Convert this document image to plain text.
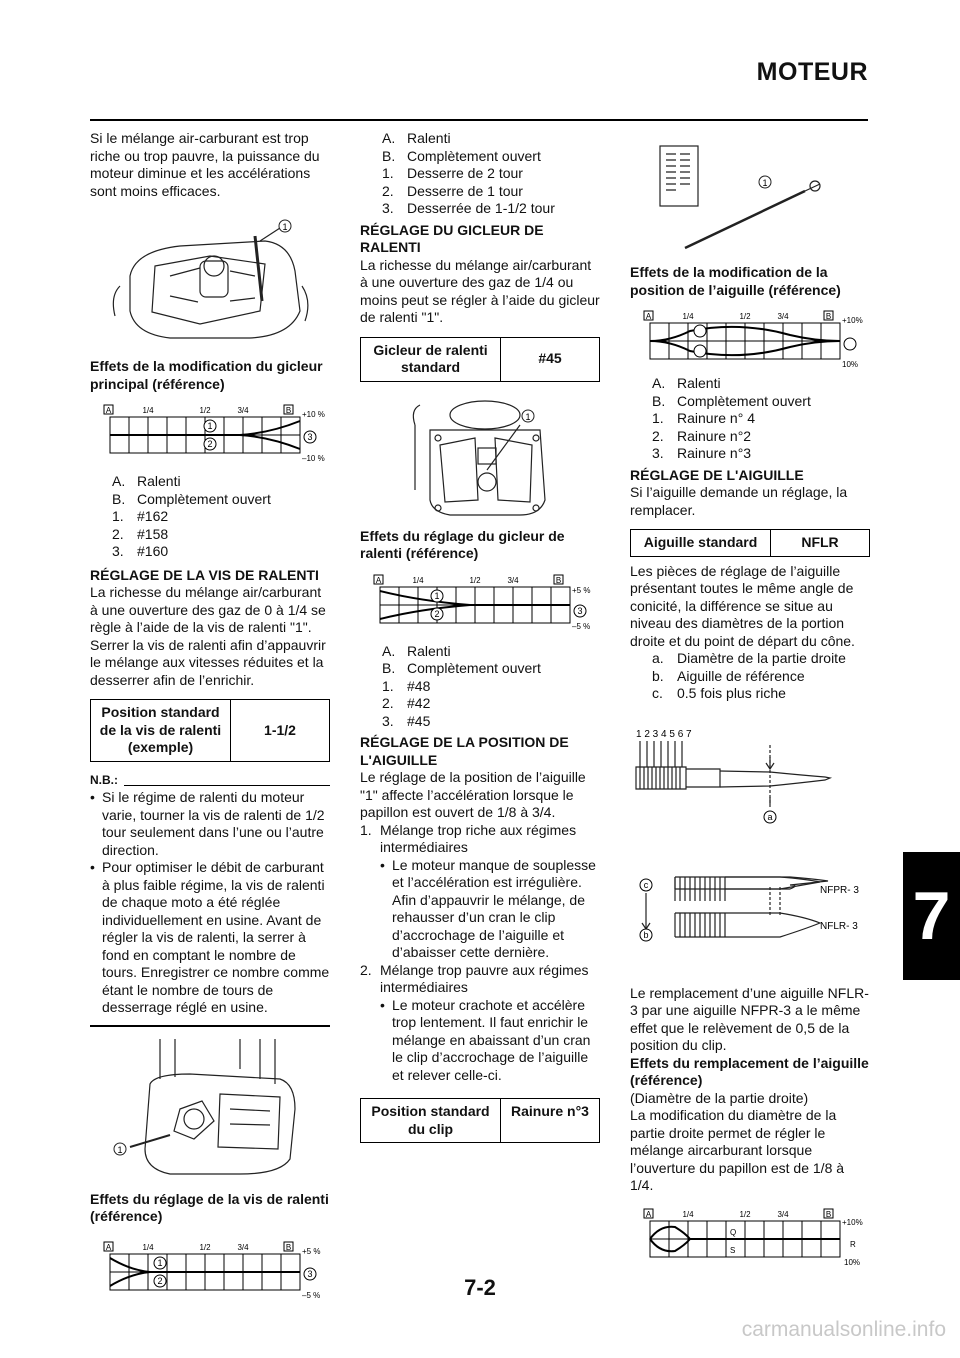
MOTEUR

Si le mélange air-carburant est trop riche ou trop pauvre, la puissance du moteur diminue et les accélérations sont moins efficaces.

1

Effets de la modification du gicleur principal (référence)

A	B
1/4	1/2	3/4	+10 %
–10 %
1
2
3
A. Ralenti
B. Complètement ouvert
1. #162
2. #158
3. #160

RÉGLAGE DE LA VIS DE RALENTI

La richesse du mélange air/carburant à une ouverture des gaz de 0 à 1/4 se règle à l’aide de la vis de ralenti "1".

Serrer la vis de ralenti afin d’appauvrir le mélange aux vitesses réduites et la desserrer afin de l’enrichir.

Position standard de la vis de ralenti (exemple)	1-1/2
N.B.:
• Si le régime de ralenti du moteur varie, tourner la vis de ralenti de 1/2 tour seulement dans l’une ou l’autre direction.
• Pour optimiser le débit de carburant à plus faible régime, la vis de ralenti de chaque moto a été réglée individuellement en usine. Avant de régler la vis de ralenti, la serrer à fond en comptant le nombre de tours. Enregistrer ce nombre comme étant le nombre de tours de desserrage réglé en usine.
1

Effets du réglage de la vis de ralenti (référence)

A	B
1/4	1/2	3/4	+5 %
–5 %
1
2
3
A. Ralenti
B. Complètement ouvert
1. Desserre de 2 tour
2. Desserre de 1 tour
3. Desserrée de 1-1/2 tour

RÉGLAGE DU GICLEUR DE RALENTI

La richesse du mélange air/carburant à une ouverture des gaz de 1/4 ou moins peut se régler à l’aide du gicleur de ralenti "1".

Gicleur de ralenti standard	#45
1

Effets du réglage du gicleur de ralenti (référence)

A	B
1/4	1/2	3/4
+5 %
–5 %
1
2	3
A. Ralenti
B. Complètement ouvert
1. #48
2. #42
3. #45

RÉGLAGE DE LA POSITION DE L'AIGUILLE

Le réglage de la position de l’aiguille "1" affecte l’accélération lorsque le papillon est ouvert de 1/8 à 3/4.

1. Mélange trop riche aux régimes intermédiaires
• Le moteur manque de souplesse et l’accélération est irrégulière. Afin d’appauvrir le mélange, de rehausser d’un cran le clip d’accrochage de l’aiguille et d’abaisser cette dernière.
2. Mélange trop pauvre aux régimes intermédiaires
• Le moteur crachote et accélère trop lentement. Il faut enrichir le mélange en abaissant d’un cran le clip d’accrochage de l’aiguille et relever celle-ci.
Position standard du clip	Rainure n°3
1

Effets de la modification de la position de l’aiguille (référence)

A	B
1/4	1/2	3/4	+10%
10%
A. Ralenti
B. Complètement ouvert
1. Rainure n° 4
2. Rainure n°2
3. Rainure n°3

RÉGLAGE DE L'AIGUILLE

Si l’aiguille demande un réglage, la remplacer.

Aiguille standard	NFLR

Les pièces de réglage de l’aiguille présentant toutes le même angle de conicité, la différence se situe au niveau des diamètres de la portion droite et du point de départ du cône.

a. Diamètre de la partie droite
b. Aiguille de référence
c.	0.5 fois plus riche
1 2 3 4 5 6 7
a
c
b
NFPR- 3
NFLR- 3

Le remplacement d’une aiguille NFLR-3 par une aiguille NFPR-3 a le même effet que le relèvement de 0,5 de la position du clip.

Effets du remplacement de l’aiguille (référence)

(Diamètre de la partie droite)

La modification du diamètre de la partie droite permet de régler le mélange aircarburant lorsque l’ouverture du papillon est de 1/8 à 1/4.

A	B
1/4	1/2	3/4
+10%
R
10%
Q
S
7
7-2
carmanualsonline.info
